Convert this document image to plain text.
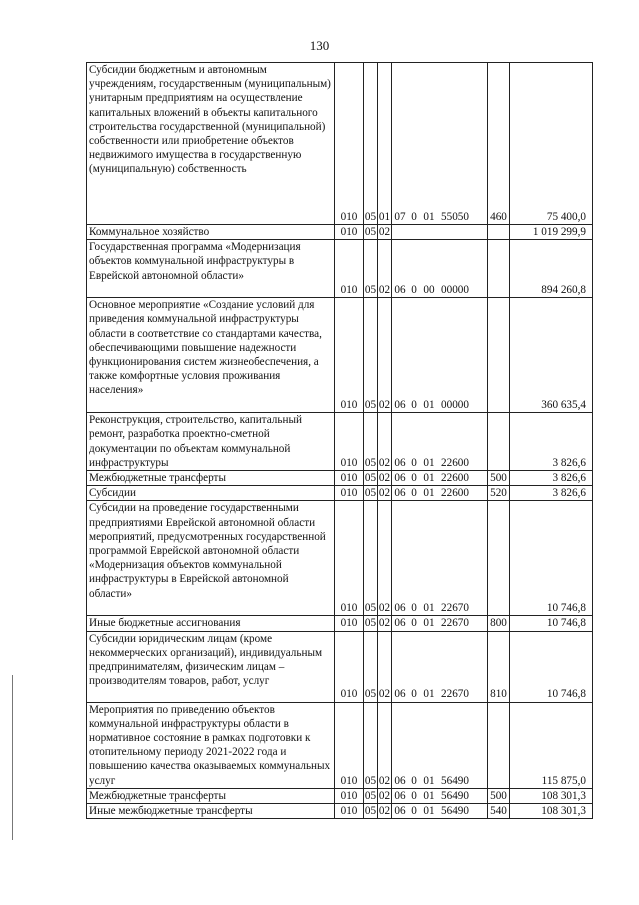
130
Субсидии бюджетным и автономным учреждениям, государственным (муниципальным) унитарным предприятиям на осуществление капитальных вложений в объекты капитального строительства государственной (муниципальной) собственности или приобретение объектов недвижимого имущества в государственную (муниципальную) собственность	010	05	01	07 0 01 55050	460	75 400,0
Коммунальное хозяйство	010	05	02			1 019 299,9
Государственная программа «Модернизация объектов коммунальной инфраструктуры в Еврейской автономной области»	010	05	02	06 0 00 00000		894 260,8
Основное мероприятие «Создание условий для приведения коммунальной инфраструктуры области в соответствие со стандартами качества, обеспечивающими повышение надежности функционирования систем жизнеобеспечения, а также комфортные условия проживания населения»	010	05	02	06 0 01 00000		360 635,4
Реконструкция, строительство, капитальный ремонт, разработка проектно-сметной документации по объектам коммунальной инфраструктуры	010	05	02	06 0 01 22600		3 826,6
Межбюджетные трансферты	010	05	02	06 0 01 22600	500	3 826,6
Субсидии	010	05	02	06 0 01 22600	520	3 826,6
Субсидии на проведение государственными предприятиями Еврейской автономной области мероприятий, предусмотренных государственной программой Еврейской автономной области «Модернизация объектов коммунальной инфраструктуры в Еврейской автономной области»	010	05	02	06 0 01 22670		10 746,8
Иные бюджетные ассигнования	010	05	02	06 0 01 22670	800	10 746,8
Субсидии юридическим лицам (кроме некоммерческих организаций), индивидуальным предпринимателям, физическим лицам – производителям товаров, работ, услуг	010	05	02	06 0 01 22670	810	10 746,8
Мероприятия по приведению объектов коммунальной инфраструктуры области в нормативное состояние в рамках подготовки к отопительному периоду 2021-2022 года и повышению качества оказываемых коммунальных услуг	010	05	02	06 0 01 56490		115 875,0
Межбюджетные трансферты	010	05	02	06 0 01 56490	500	108 301,3
Иные межбюджетные трансферты	010	05	02	06 0 01 56490	540	108 301,3
